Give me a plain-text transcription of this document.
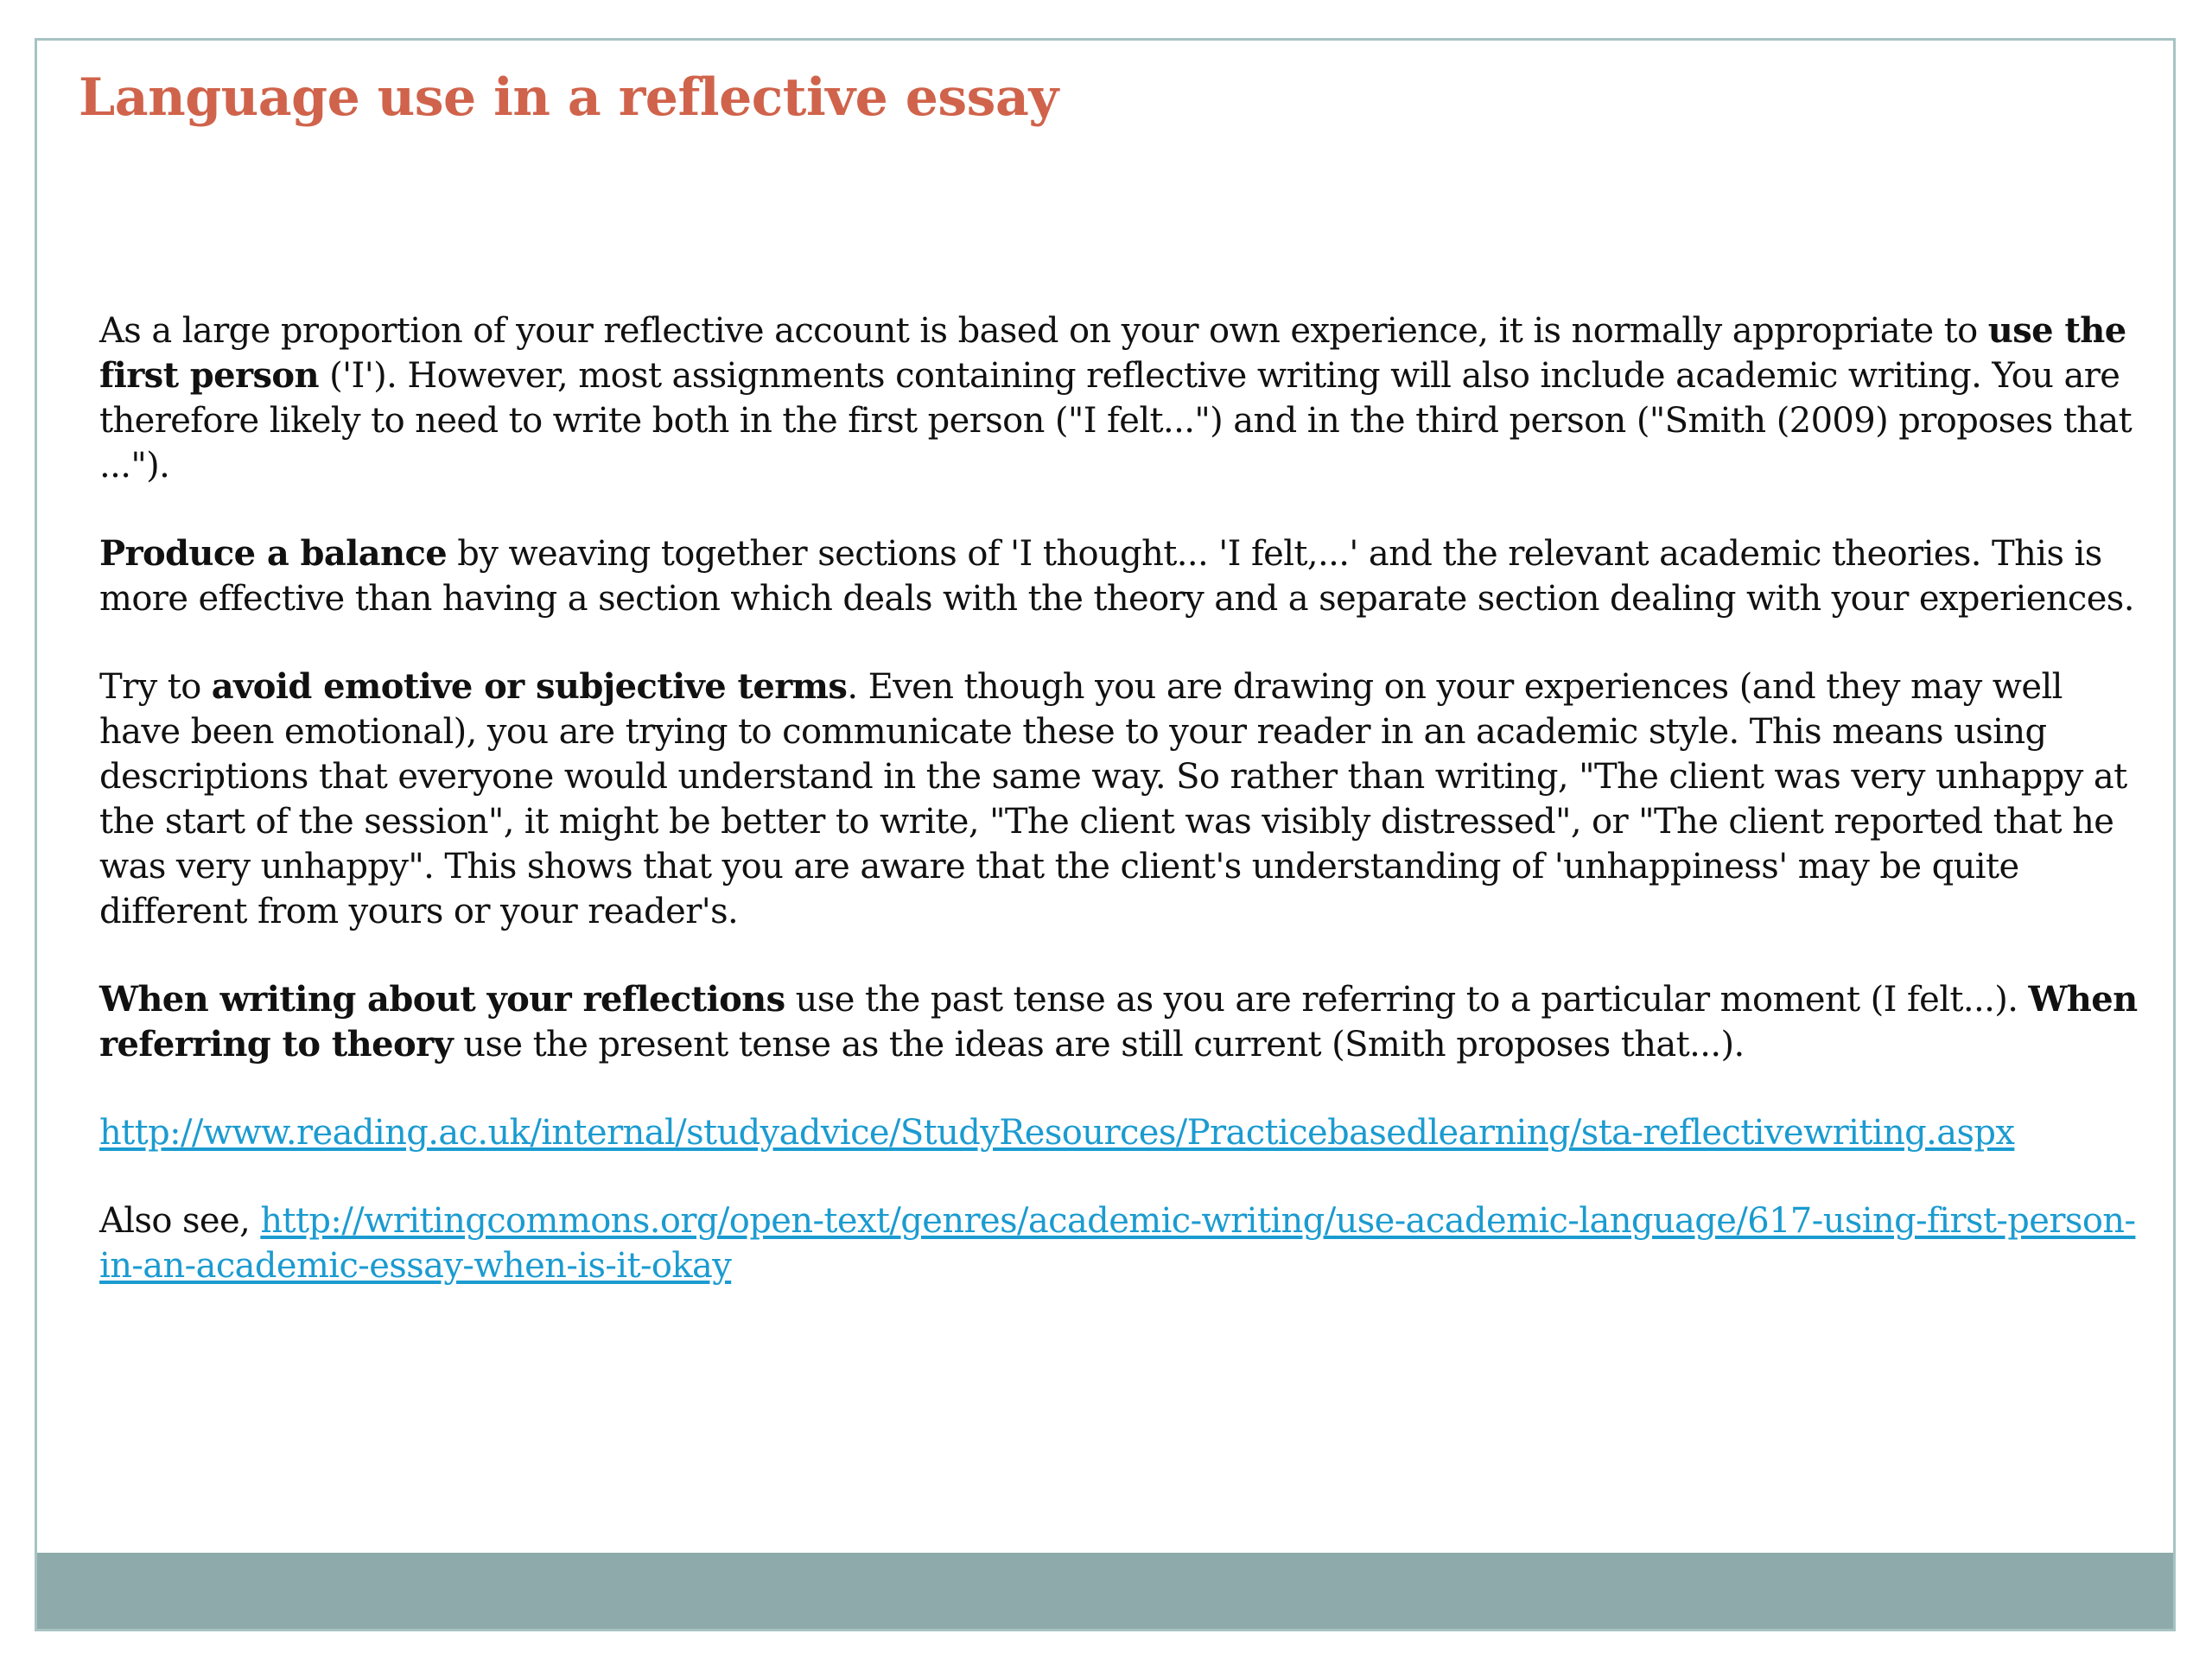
Language use in a reflective essay

As a large proportion of your reflective account is based on your own experience, it is normally appropriate to use the first person ('I'). However, most assignments containing reflective writing will also include academic writing. You are therefore likely to need to write both in the first person ("I felt...") and in the third person ("Smith (2009) proposes that ...").

Produce a balance by weaving together sections of 'I thought... 'I felt,...' and the relevant academic theories. This is more effective than having a section which deals with the theory and a separate section dealing with your experiences.

Try to avoid emotive or subjective terms. Even though you are drawing on your experiences (and they may well have been emotional), you are trying to communicate these to your reader in an academic style. This means using descriptions that everyone would understand in the same way. So rather than writing, "The client was very unhappy at the start of the session", it might be better to write, "The client was visibly distressed", or "The client reported that he was very unhappy". This shows that you are aware that the client's understanding of 'unhappiness' may be quite different from yours or your reader's.

When writing about your reflections use the past tense as you are referring to a particular moment (I felt...). When referring to theory use the present tense as the ideas are still current (Smith proposes that...).

http://www.reading.ac.uk/internal/studyadvice/StudyResources/Practicebasedlearning/sta-reflectivewriting.aspx

Also see, http://writingcommons.org/open-text/genres/academic-writing/use-academic-language/617-using-first-person-in-an-academic-essay-when-is-it-okay
